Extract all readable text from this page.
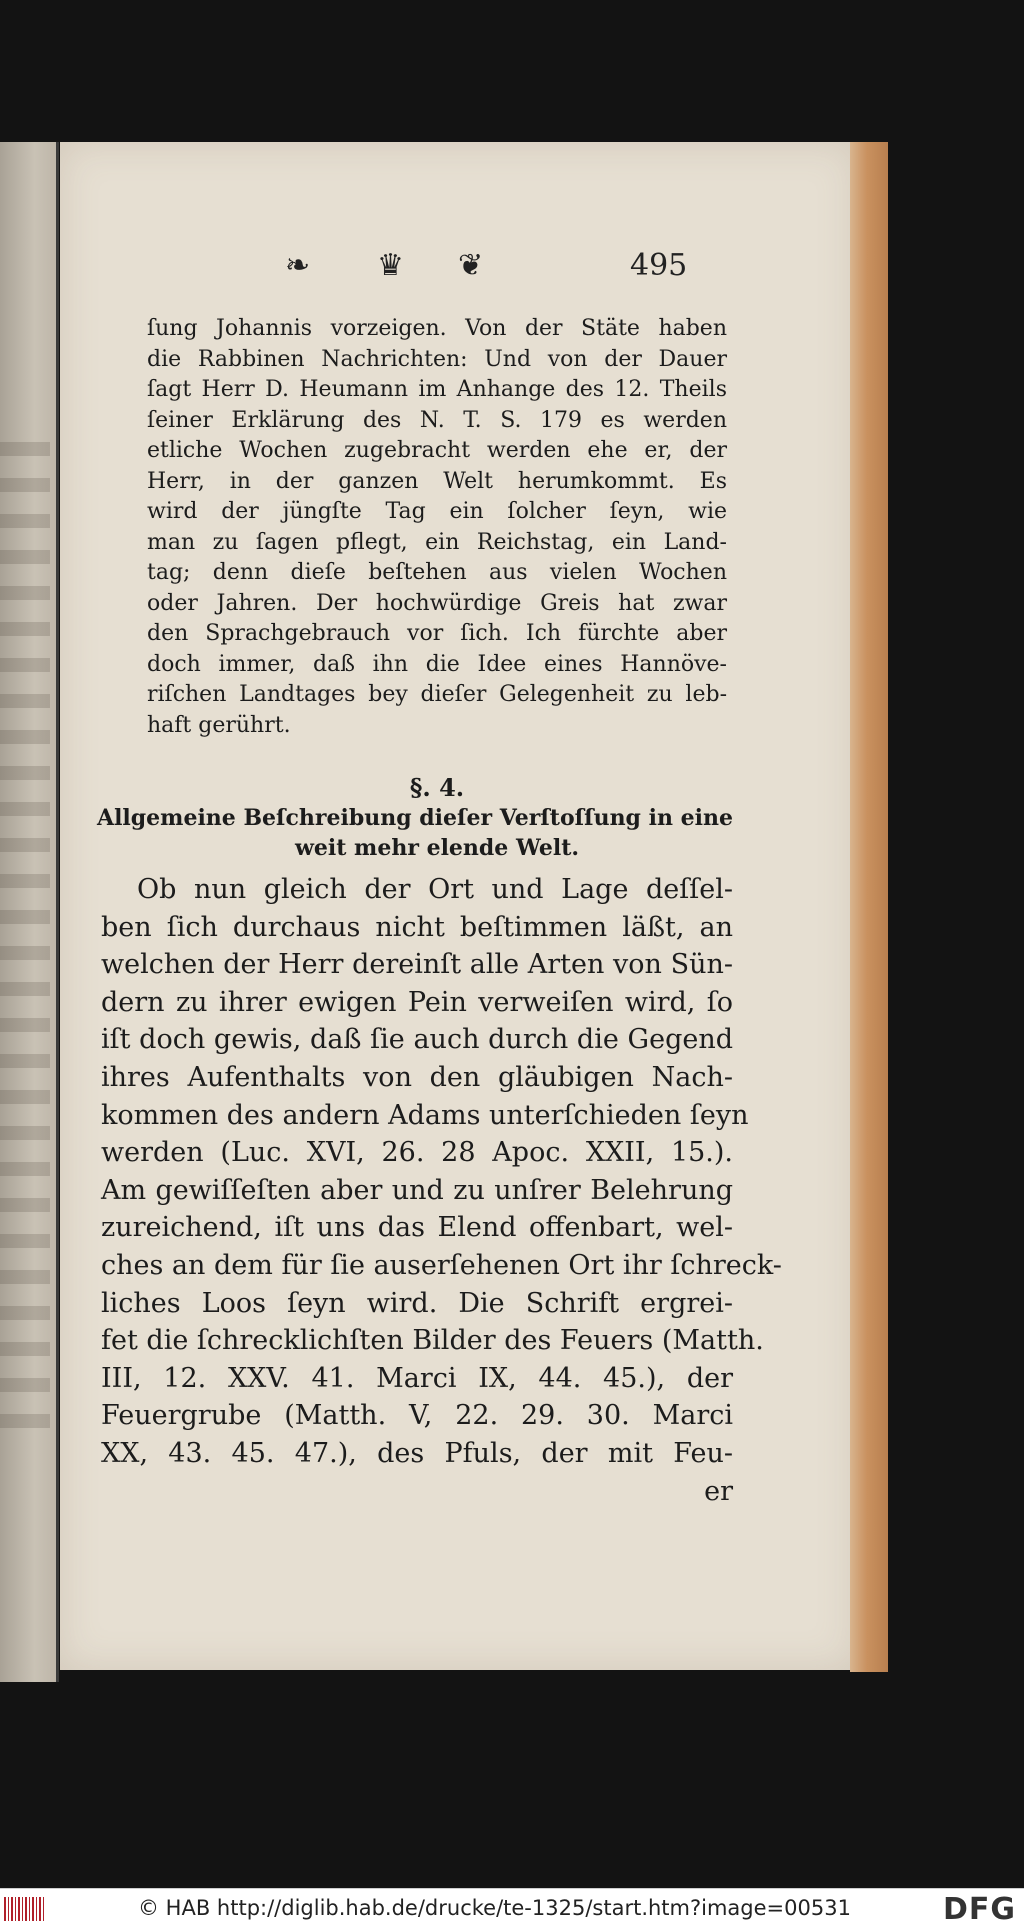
❧ ♛ ❦	495
ſung Johannis vorzeigen. Von der Stäte haben
die Rabbinen Nachrichten: Und von der Dauer
ſagt Herr D. Heumann im Anhange des 12. Theils
ſeiner Erklärung des N. T. S. 179 es werden
etliche Wochen zugebracht werden ehe er, der
Herr, in der ganzen Welt herumkommt. Es
wird der jüngſte Tag ein ſolcher ſeyn, wie
man zu ſagen pflegt, ein Reichstag, ein Land-
tag; denn dieſe beſtehen aus vielen Wochen
oder Jahren. Der hochwürdige Greis hat zwar
den Sprachgebrauch vor ſich. Ich fürchte aber
doch immer, daß ihn die Idee eines Hannöve-
riſchen Landtages bey dieſer Gelegenheit zu leb-
haft gerührt.
§. 4.
Allgemeine Beſchreibung dieſer Verſtoſſung in eine
weit mehr elende Welt.
Ob nun gleich der Ort und Lage deſſel-
ben ſich durchaus nicht beſtimmen läßt, an
welchen der Herr dereinſt alle Arten von Sün-
dern zu ihrer ewigen Pein verweiſen wird, ſo
iſt doch gewis, daß ſie auch durch die Gegend
ihres Aufenthalts von den gläubigen Nach-
kommen des andern Adams unterſchieden ſeyn
werden (Luc. XVI, 26. 28 Apoc. XXII, 15.).
Am gewiſſeſten aber und zu unſrer Belehrung
zureichend, iſt uns das Elend offenbart, wel-
ches an dem für ſie auserſehenen Ort ihr ſchreck-
liches Loos ſeyn wird. Die Schrift ergrei-
fet die ſchrecklichſten Bilder des Feuers (Matth.
III, 12. XXV. 41. Marci IX, 44. 45.), der
Feuergrube (Matth. V, 22. 29. 30. Marci
XX, 43. 45. 47.), des Pfuls, der mit Feu-
er
© HAB http://diglib.hab.de/drucke/te-1325/start.htm?image=00531	DFG
